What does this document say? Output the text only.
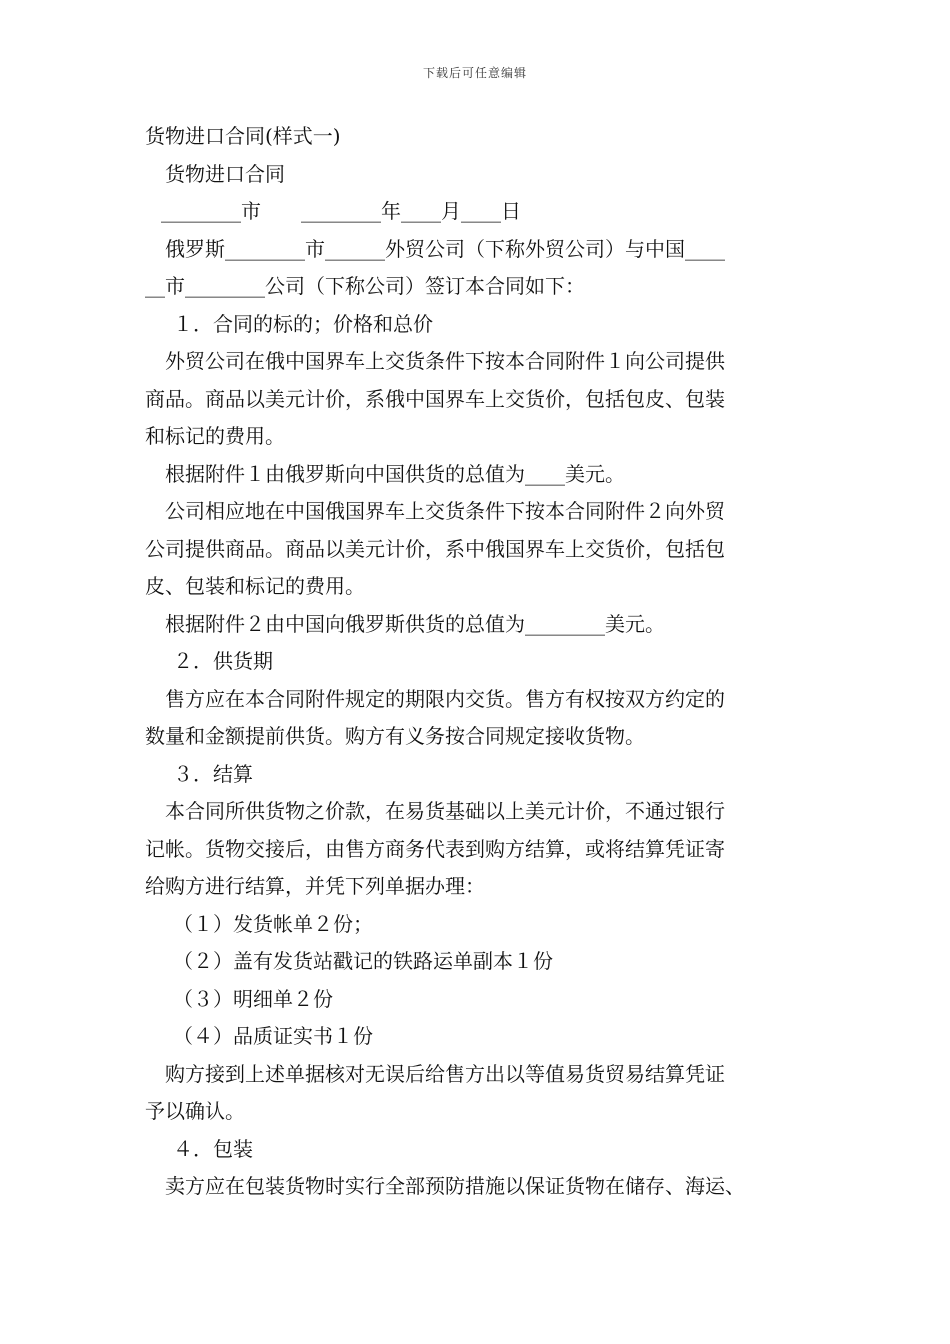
下载后可任意编辑
货物进口合同(样式一)
货物进口合同
________市　　________年____月____日
俄罗斯________市______外贸公司（下称外贸公司）与中国____
__市________公司（下称公司）签订本合同如下：
１．合同的标的；价格和总价
外贸公司在俄中国界车上交货条件下按本合同附件１向公司提供
商品。商品以美元计价，系俄中国界车上交货价，包括包皮、包装
和标记的费用。
根据附件１由俄罗斯向中国供货的总值为____美元。
公司相应地在中国俄国界车上交货条件下按本合同附件２向外贸
公司提供商品。商品以美元计价，系中俄国界车上交货价，包括包
皮、包装和标记的费用。
根据附件２由中国向俄罗斯供货的总值为________美元。
２．供货期
售方应在本合同附件规定的期限内交货。售方有权按双方约定的
数量和金额提前供货。购方有义务按合同规定接收货物。
３．结算
本合同所供货物之价款，在易货基础以上美元计价，不通过银行
记帐。货物交接后，由售方商务代表到购方结算，或将结算凭证寄
给购方进行结算，并凭下列单据办理：
（１）发货帐单２份；
（２）盖有发货站戳记的铁路运单副本１份
（３）明细单２份
（４）品质证实书１份
购方接到上述单据核对无误后给售方出以等值易货贸易结算凭证
予以确认。
４．包装
卖方应在包装货物时实行全部预防措施以保证货物在储存、海运、
